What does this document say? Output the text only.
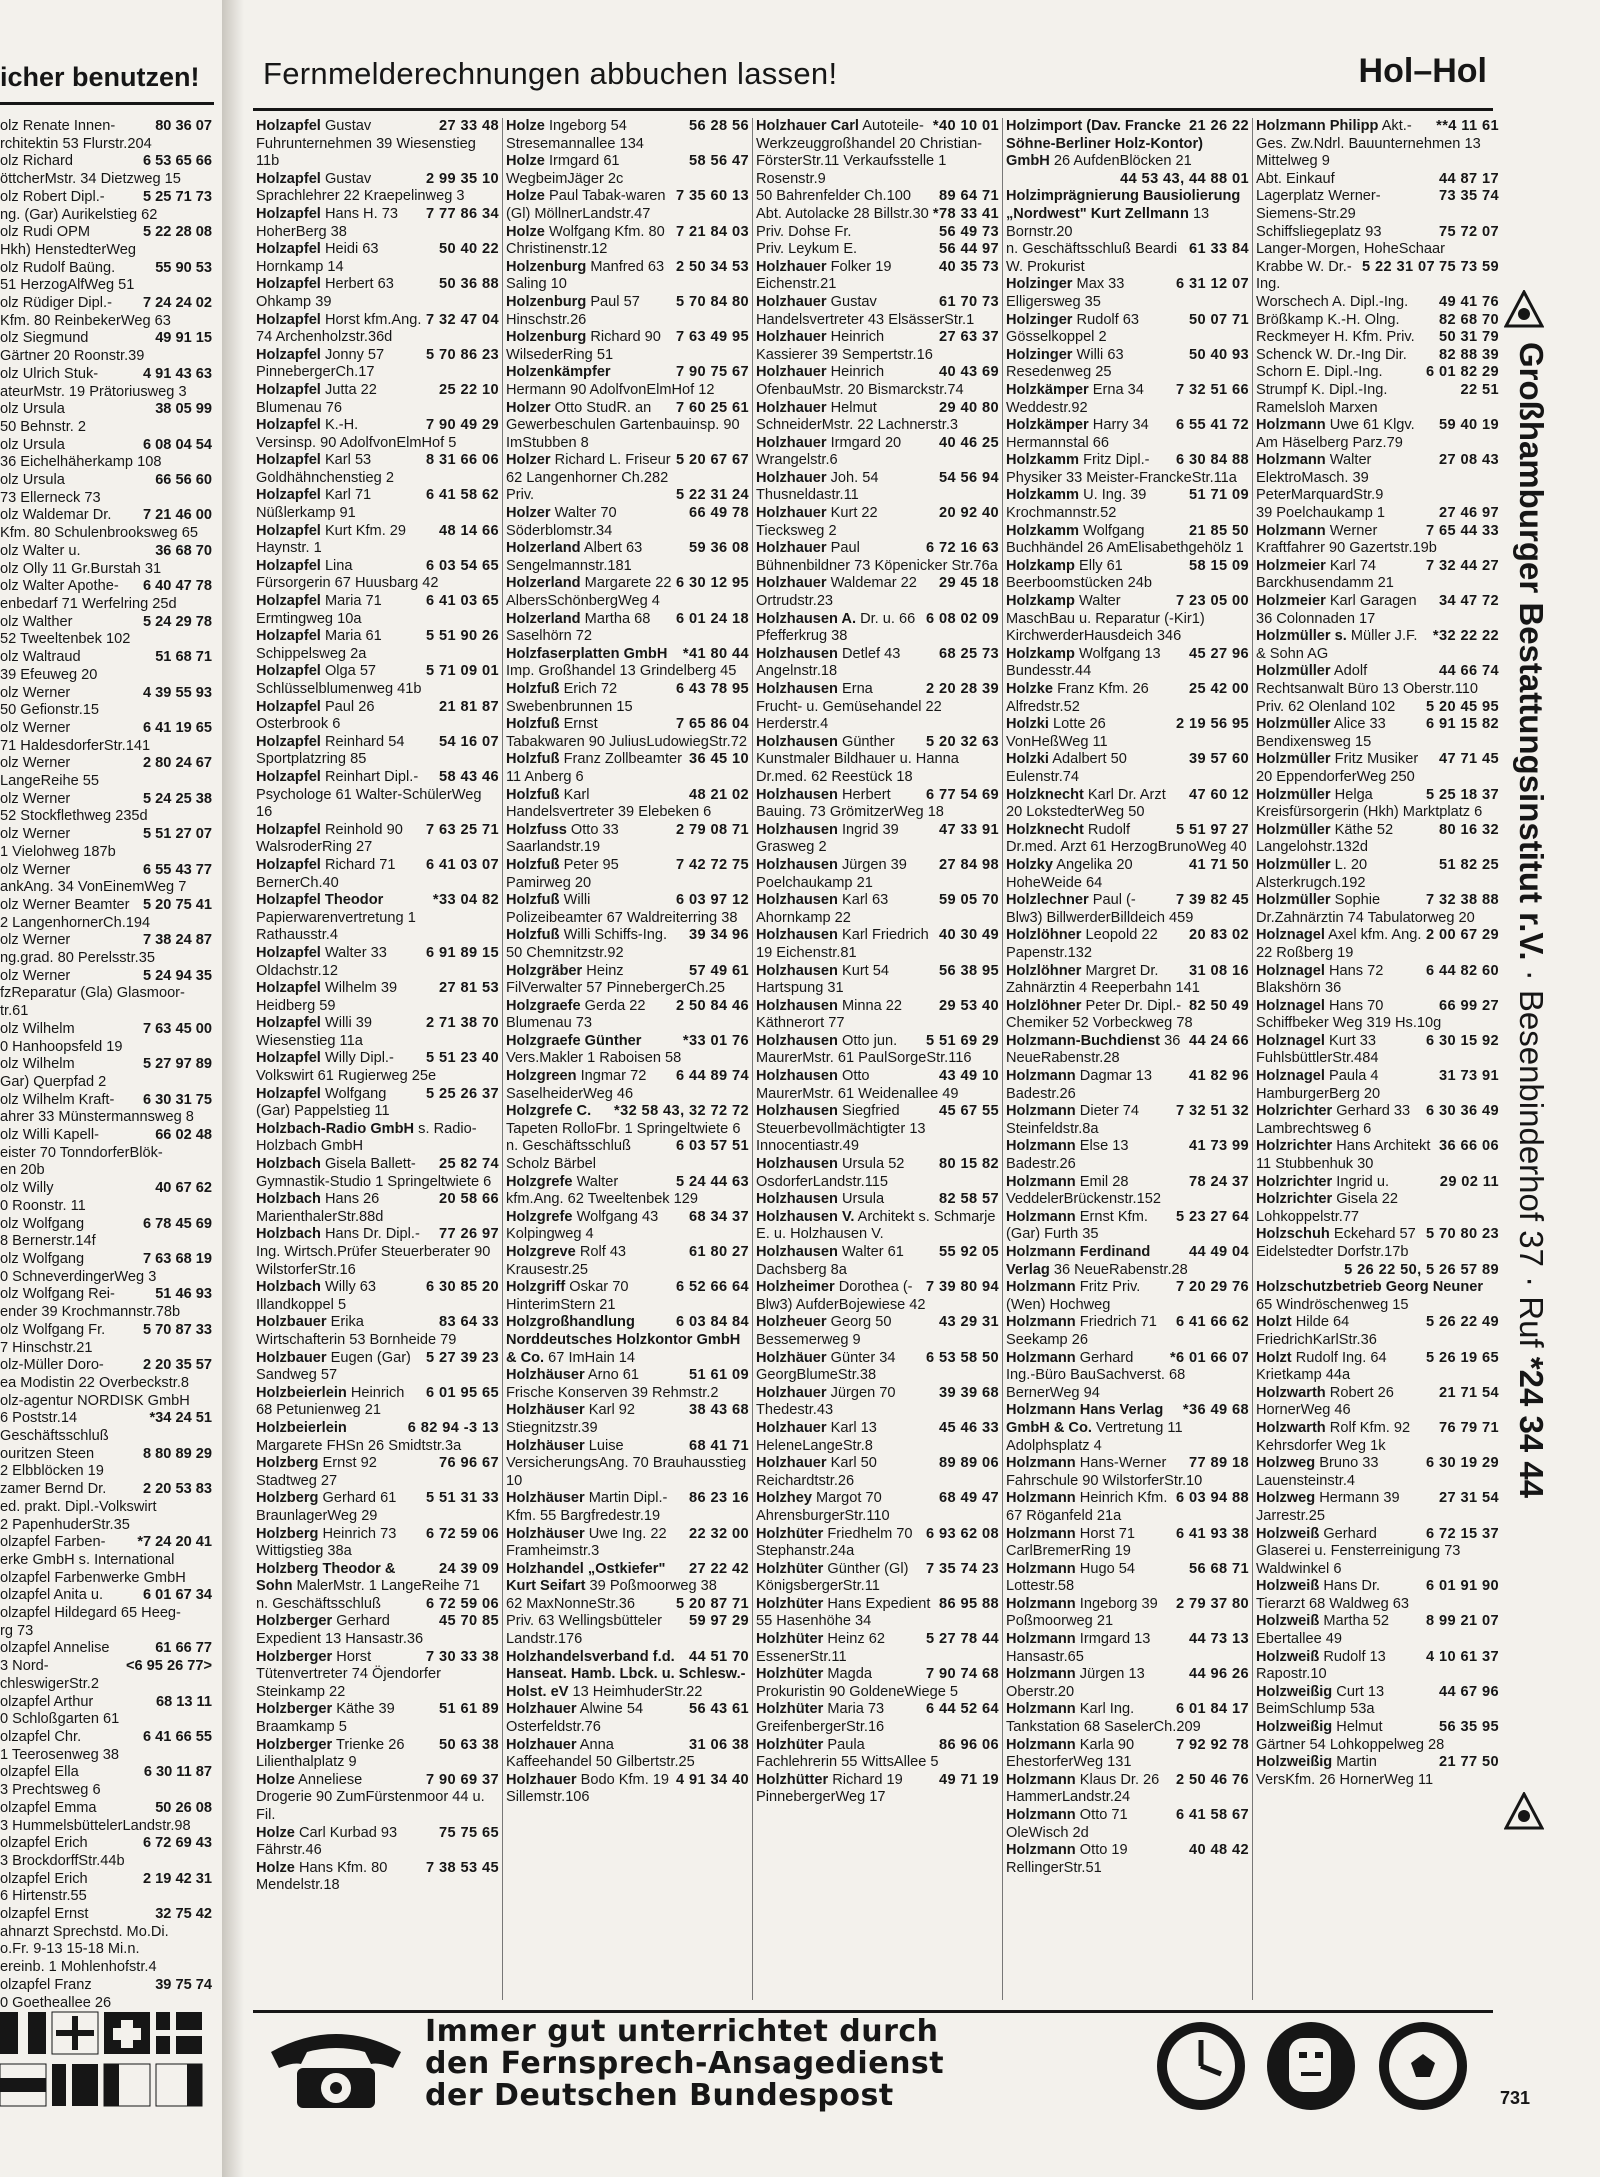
icher benutzen!
80 36 07
olz Renate Innen-
rchitektin 53 Flurstr.204
6 53 65 66
olz Richard
öttcherMstr. 34 Dietzweg 15
5 25 71 73
olz Robert Dipl.-
ng. (Gar) Aurikelstieg 62
5 22 28 08
olz Rudi OPM
Hkh) HenstedterWeg
55 90 53
olz Rudolf Baüng.
51 HerzogAlfWeg 51
7 24 24 02
olz Rüdiger Dipl.-
Kfm. 80 ReinbekerWeg 63
49 91 15
olz Siegmund
Gärtner 20 Roonstr.39
4 91 43 63
olz Ulrich Stuk-
ateurMstr. 19 Prätoriusweg 3
38 05 99
olz Ursula
50 Behnstr. 2
6 08 04 54
olz Ursula
36 Eichelhäherkamp 108
66 56 60
olz Ursula
73 Ellerneck 73
7 21 46 00
olz Waldemar Dr.
Kfm. 80 Schulenbrooksweg 65
36 68 70
olz Walter u.
olz Olly 11 Gr.Burstah 31
6 40 47 78
olz Walter Apothe-
enbedarf 71 Werfelring 25d
5 24 29 78
olz Walther
52 Tweeltenbek 102
51 68 71
olz Waltraud
39 Efeuweg 20
4 39 55 93
olz Werner
50 Gefionstr.15
6 41 19 65
olz Werner
71 HaldesdorferStr.141
2 80 24 67
olz Werner
LangeReihe 55
5 24 25 38
olz Werner
52 Stockflethweg 235d
5 51 27 07
olz Werner
1 Vielohweg 187b
6 55 43 77
olz Werner
ankAng. 34 VonEinemWeg 7
5 20 75 41
olz Werner Beamter
2 LangenhornerCh.194
7 38 24 87
olz Werner
ng.grad. 80 Perelsstr.35
5 24 94 35
olz Werner
fzReparatur (Gla) Glasmoor-
tr.61
7 63 45 00
olz Wilhelm
0 Hanhoopsfeld 19
5 27 97 89
olz Wilhelm
Gar) Querpfad 2
6 30 31 75
olz Wilhelm Kraft-
ahrer 33 Münstermannsweg 8
66 02 48
olz Willi Kapell-
eister 70 TonndorferBlök-
en 20b
40 67 62
olz Willy
0 Roonstr. 11
6 78 45 69
olz Wolfgang
8 Bernerstr.14f
7 63 68 19
olz Wolfgang
0 SchneverdingerWeg 3
51 46 93
olz Wolfgang Rei-
ender 39 Krochmannstr.78b
5 70 87 33
olz Wolfgang Fr.
7 Hinschstr.21
2 20 35 57
olz-Müller Doro-
ea Modistin 22 Overbeckstr.8
olz-agentur NORDISK GmbH
*34 24 51
6 Poststr.14
Geschäftsschluß
8 80 89 29
ouritzen Steen
2 Elbblöcken 19
2 20 53 83
zamer Bernd Dr.
ed. prakt. Dipl.-Volkswirt
2 PapenhuderStr.35
*7 24 20 41
olzapfel Farben-
erke GmbH s. International
olzapfel Farbenwerke GmbH
6 01 67 34
olzapfel Anita u.
olzapfel Hildegard 65 Heeg-
rg 73
61 66 77
olzapfel Annelise
<6 95 26 77>
3 Nord-
chleswigerStr.2
68 13 11
olzapfel Arthur
0 Schloßgarten 61
6 41 66 55
olzapfel Chr.
1 Teerosenweg 38
6 30 11 87
olzapfel Ella
3 Prechtsweg 6
50 26 08
olzapfel Emma
3 HummelsbüttelerLandstr.98
6 72 69 43
olzapfel Erich
3 BrockdorffStr.44b
2 19 42 31
olzapfel Erich
6 Hirtenstr.55
32 75 42
olzapfel Ernst
ahnarzt Sprechstd. Mo.Di.
o.Fr. 9-13 15-18 Mi.n.
ereinb. 1 Mohlenhofstr.4
39 75 74
olzapfel Franz
0 Goethealleе 26
Fernmelderechnungen abbuchen lassen!	Hol–Hol
27 33 48
Holzapfel Gustav Fuhrunternehmen 39 Wiesenstieg 11b
2 99 35 10
Holzapfel Gustav Sprachlehrer 22 Kraepelinweg 3
7 77 86 34
Holzapfel Hans H. 73 HoherBerg 38
50 40 22
Holzapfel Heidi 63 Hornkamp 14
50 36 88
Holzapfel Herbert 63 Ohkamp 39
7 32 47 04
Holzapfel Horst kfm.Ang. 74 Archenholzstr.36d
5 70 86 23
Holzapfel Jonny 57 PinnebergerCh.17
25 22 10
Holzapfel Jutta 22 Blumenau 76
7 90 49 29
Holzapfel K.-H. Versinsp. 90 AdolfvonElmHof 5
8 31 66 06
Holzapfel Karl 53 Goldhähnchenstieg 2
6 41 58 62
Holzapfel Karl 71 Nüßlerkamp 91
48 14 66
Holzapfel Kurt Kfm. 29 Haynstr. 1
6 03 54 65
Holzapfel Lina Fürsorgerin 67 Huusbarg 42
6 41 03 65
Holzapfel Maria 71 Ermtingweg 10a
5 51 90 26
Holzapfel Maria 61 Schippelsweg 2a
5 71 09 01
Holzapfel Olga 57 Schlüsselblumenweg 41b
21 81 87
Holzapfel Paul 26 Osterbrook 6
54 16 07
Holzapfel Reinhard 54 Sportplatzring 85
58 43 46
Holzapfel Reinhart Dipl.-Psychologe 61 Walter-SchülerWeg 16
7 63 25 71
Holzapfel Reinhold 90 WalsroderRing 27
6 41 03 07
Holzapfel Richard 71 BernerCh.40
*33 04 82
Holzapfel Theodor Papierwarenvertretung 1 Rathausstr.4
6 91 89 15
Holzapfel Walter 33 Oldachstr.12
27 81 53
Holzapfel Wilhelm 39 Heidberg 59
2 71 38 70
Holzapfel Willi 39 Wiesenstieg 11a
5 51 23 40
Holzapfel Willy Dipl.-Volkswirt 61 Rugierweg 25e
5 25 26 37
Holzapfel Wolfgang (Gar) Pappelstieg 11
Holzbach-Radio GmbH s. Radio-Holzbach GmbH
25 82 74
Holzbach Gisela Ballett-Gymnastik-Studio 1 Springeltwiete 6
20 58 66
Holzbach Hans 26 MarienthalerStr.88d
77 26 97
Holzbach Hans Dr. Dipl.-Ing. Wirtsch.Prüfer Steuerberater 90 WilstorferStr.16
6 30 85 20
Holzbach Willy 63 Illandkoppel 5
83 64 33
Holzbauer Erika Wirtschafterin 53 Bornheide 79
5 27 39 23
Holzbauer Eugen (Gar) Sandweg 57
6 01 95 65
Holzbeierlein Heinrich 68 Petunienweg 21
6 82 94 -3 13
Holzbeierlein Margarete FHSn 26 Smidtstr.3a
76 96 67
Holzberg Ernst 92 Stadtweg 27
5 51 31 33
Holzberg Gerhard 61 BraunlagerWeg 29
6 72 59 06
Holzberg Heinrich 73 Wittigstieg 38a
24 39 09
Holzberg Theodor & Sohn MalerMstr. 1 LangeReihe 71
6 72 59 06
n. Geschäftsschluß
45 70 85
Holzberger Gerhard Expedient 13 Hansastr.36
7 30 33 38
Holzberger Horst Tütenvertreter 74 Öjendorfer Steinkamp 22
51 61 89
Holzberger Käthe 39 Braamkamp 5
50 63 38
Holzberger Trienke 26 Lilienthalplatz 9
7 90 69 37
Holze Anneliese Drogerie 90 ZumFürstenmoor 44 u. Fil.
75 75 65
Holze Carl Kurbad 93 Fährstr.46
7 38 53 45
Holze Hans Kfm. 80 Mendelstr.18
56 28 56
Holze Ingeborg 54 Stresemannallee 134
58 56 47
Holze Irmgard 61 WegbeimJäger 2c
7 35 60 13
Holze Paul Tabak-waren (Gl) MöllnerLandstr.47
7 21 84 03
Holze Wolfgang Kfm. 80 Christinenstr.12
2 50 34 53
Holzenburg Manfred 63 Saling 10
5 70 84 80
Holzenburg Paul 57 Hinschstr.26
7 63 49 95
Holzenburg Richard 90 WilsederRing 51
7 90 75 67
Holzenkämpfer Hermann 90 AdolfvonElmHof 12
7 60 25 61
Holzer Otto StudR. an Gewerbeschulen Gartenbauinsp. 90 ImStubben 8
5 20 67 67
Holzer Richard L. Friseur 62 Langenhorner Ch.282
5 22 31 24
Priv.
66 49 78
Holzer Walter 70 Söderblomstr.34
59 36 08
Holzerland Albert 63 Sengelmannstr.181
6 30 12 95
Holzerland Margarete 22 AlbersSchönbergWeg 4
6 01 24 18
Holzerland Martha 68 Saselhörn 72
*41 80 44
Holzfaserplatten GmbH Imp. Großhandel 13 Grindelberg 45
6 43 78 95
Holzfuß Erich 72 Swebenbrunnen 15
7 65 86 04
Holzfuß Ernst Tabakwaren 90 JuliusLudowiegStr.72
36 45 10
Holzfuß Franz Zollbeamter 11 Anberg 6
48 21 02
Holzfuß Karl Handelsvertreter 39 Elebeken 6
2 79 08 71
Holzfuss Otto 33 Saarlandstr.19
7 42 72 75
Holzfuß Peter 95 Pamirweg 20
6 03 97 12
Holzfuß Willi Polizeibeamter 67 Waldreiterring 38
39 34 96
Holzfuß Willi Schiffs-Ing. 50 Chemnitzstr.92
57 49 61
Holzgräber Heinz FilVerwalter 57 PinnebergerCh.25
2 50 84 46
Holzgraefe Gerda 22 Blumenau 73
*33 01 76
Holzgraefe Günther Vers.Makler 1 Raboisen 58
6 44 89 74
Holzgreen Ingmar 72 SaselheiderWeg 46
*32 58 43, 32 72 72
Holzgrefe C. Tapeten RolloFbr. 1 Springeltwiete 6
6 03 57 51
n. Geschäftsschluß Scholz Bärbel
5 24 44 63
Holzgrefe Walter kfm.Ang. 62 Tweeltenbek 129
68 34 37
Holzgrefe Wolfgang 43 Kolpingweg 4
61 80 27
Holzgreve Rolf 43 Krausestr.25
6 52 66 64
Holzgriff Oskar 70 HinterimStern 21
6 03 84 84
Holzgroßhandlung Norddeutsches Holzkontor GmbH & Co. 67 ImHain 14
51 61 09
Holzhäuser Arno 61 Frische Konserven 39 Rehmstr.2
38 43 68
Holzhäuser Karl 92 Stiegnitzstr.39
68 41 71
Holzhäuser Luise VersicherungsAng. 70 Brauhausstieg 10
86 23 16
Holzhäuser Martin Dipl.-Kfm. 55 Bargfredestr.19
22 32 00
Holzhäuser Uwe Ing. 22 Framheimstr.3
27 22 42
Holzhandel „Ostkiefer" Kurt Seifart 39 Poßmoorweg 38
5 20 87 71
62 MaxNonneStr.36
59 97 29
Priv. 63 Wellingsbütteler Landstr.176
44 51 70
Holzhandelsverband f.d. Hanseat. Hamb. Lbck. u. Schlesw.-Holst. eV 13 HeimhuderStr.22
56 43 61
Holzhauer Alwine 54 Osterfeldstr.76
31 06 38
Holzhauer Anna Kaffeehandel 50 Gilbertstr.25
4 91 34 40
Holzhauer Bodo Kfm. 19 Sillemstr.106
*40 10 01
Holzhauer Carl Autoteile-Werkzeuggroßhandel 20 Christian-FörsterStr.11 Verkaufsstelle 1 Rosenstr.9
89 64 71
50 Bahrenfelder Ch.100
*78 33 41
Abt. Autolacke 28 Billstr.30
56 49 73
Priv. Dohse Fr.
56 44 97
Priv. Leykum E.
40 35 73
Holzhauer Folker 19 Eichenstr.21
61 70 73
Holzhauer Gustav Handelsvertreter 43 ElsässerStr.1
27 63 37
Holzhauer Heinrich Kassierer 39 Sempertstr.16
40 43 69
Holzhauer Heinrich OfenbauMstr. 20 Bismarckstr.74
29 40 80
Holzhauer Helmut SchneiderMstr. 22 Lachnerstr.3
40 46 25
Holzhauer Irmgard 20 Wrangelstr.6
54 56 94
Holzhauer Joh. 54 Thusneldastr.11
20 92 40
Holzhauer Kurt 22 Tiecksweg 2
6 72 16 63
Holzhauer Paul Bühnenbildner 73 Köpenicker Str.76a
29 45 18
Holzhauer Waldemar 22 Ortrudstr.23
6 08 02 09
Holzhausen A. Dr. u. 66 Pfefferkrug 38
68 25 73
Holzhausen Detlef 43 Angelnstr.18
2 20 28 39
Holzhausen Erna Frucht- u. Gemüsehandel 22 Herderstr.4
5 20 32 63
Holzhausen Günther Kunstmaler Bildhauer u. Hanna Dr.med. 62 Reestück 18
6 77 54 69
Holzhausen Herbert Bauing. 73 GrömitzerWeg 18
47 33 91
Holzhausen Ingrid 39 Grasweg 2
27 84 98
Holzhausen Jürgen 39 Poelchaukamp 21
59 05 70
Holzhausen Karl 63 Ahornkamp 22
40 30 49
Holzhausen Karl Friedrich 19 Eichenstr.81
56 38 95
Holzhausen Kurt 54 Hartspung 31
29 53 40
Holzhausen Minna 22 Käthnerort 77
5 51 69 29
Holzhausen Otto jun. MaurerMstr. 61 PaulSorgeStr.116
43 49 10
Holzhausen Otto MaurerMstr. 61 Weidenallee 49
45 67 55
Holzhausen Siegfried Steuerbevollmächtigter 13 Innocentiastr.49
80 15 82
Holzhausen Ursula 52 OsdorferLandstr.115
82 58 57
Holzhausen Ursula
Holzhausen V. Architekt s. Schmarje E. u. Holzhausen V.
55 92 05
Holzhausen Walter 61 Dachsberg 8a
7 39 80 94
Holzheimer Dorothea (-Blw3) AufderBojewiese 42
43 29 31
Holzheuer Georg 50 Bessemerweg 9
6 53 58 50
Holzhäuer Günter 34 GeorgBlumeStr.38
39 39 68
Holzhauer Jürgen 70 Thedestr.43
45 46 33
Holzhauer Karl 13 HeleneLangeStr.8
89 89 06
Holzhauer Karl 50 Reichardtstr.26
68 49 47
Holzhey Margot 70 AhrensburgerStr.110
6 93 62 08
Holzhüter Friedhelm 70 Stephanstr.24a
7 35 74 23
Holzhüter Günther (Gl) KönigsbergerStr.11
86 95 88
Holzhüter Hans Expedient 55 Hasenhöhe 34
5 27 78 44
Holzhüter Heinz 62 EssenerStr.11
7 90 74 68
Holzhüter Magda Prokuristin 90 GoldeneWiege 5
6 44 52 64
Holzhüter Maria 73 GreifenbergerStr.16
86 96 06
Holzhüter Paula Fachlehrerin 55 WittsAllee 5
49 71 19
Holzhütter Richard 19 PinnebergerWeg 17
21 26 22
Holzimport (Dav. Francke Söhne-Berliner Holz-Kontor) GmbH 26 AufdenBlöcken 21
44 53 43, 44 88 01
Holzimprägnierung Bausiolierung „Nordwest" Kurt Zellmann 13 Bornstr.20
61 33 84
n. Geschäftsschluß Beardi W. Prokurist
6 31 12 07
Holzinger Max 33 Elligersweg 35
50 07 71
Holzinger Rudolf 63 Gösselkoppel 2
50 40 93
Holzinger Willi 63 Resedenweg 25
7 32 51 66
Holzkämper Erna 34 Weddestr.92
6 55 41 72
Holzkämper Harry 34 Hermannstal 66
6 30 84 88
Holzkamm Fritz Dipl.-Physiker 33 Meister-FranckeStr.11a
51 71 09
Holzkamm U. Ing. 39 Krochmannstr.52
21 85 50
Holzkamm Wolfgang Buchhändel 26 AmElisabethgehölz 1
58 15 09
Holzkamp Elly 61 Beerboomstücken 24b
7 23 05 00
Holzkamp Walter MaschBau u. Reparatur (-Kir1) KirchwerderHausdeich 346
45 27 96
Holzkamp Wolfgang 13 Bundesstr.44
25 42 00
Holzke Franz Kfm. 26 Alfredstr.52
2 19 56 95
Holzki Lotte 26 VonHeßWeg 11
39 57 60
Holzki Adalbert 50 Eulenstr.74
47 60 12
Holzknecht Karl Dr. Arzt 20 LokstedterWeg 50
5 51 97 27
Holzknecht Rudolf Dr.med. Arzt 61 HerzogBrunoWeg 40
41 71 50
Holzky Angelika 20 HoheWeide 64
7 39 82 45
Holzlechner Paul (-Blw3) BillwerderBilldeich 459
20 83 02
Holzlöhner Leopold 22 Papenstr.132
31 08 16
Holzlöhner Margret Dr. Zahnärztin 4 Reeperbahn 141
82 50 49
Holzlöhner Peter Dr. Dipl.-Chemiker 52 Vorbeckweg 78
44 24 66
Holzmann-Buchdienst 36 NeueRabenstr.28
41 82 96
Holzmann Dagmar 13 Badestr.26
7 32 51 32
Holzmann Dieter 74 Steinfeldstr.8a
41 73 99
Holzmann Else 13 Badestr.26
78 24 37
Holzmann Emil 28 VeddelerBrückenstr.152
5 23 27 64
Holzmann Ernst Kfm. (Gar) Furth 35
44 49 04
Holzmann Ferdinand Verlag 36 NeueRabenstr.28
7 20 29 76
Holzmann Fritz Priv. (Wen) Hochweg
6 41 66 62
Holzmann Friedrich 71 Seekamp 26
*6 01 66 07
Holzmann Gerhard Ing.-Büro BauSachverst. 68 BernerWeg 94
*36 49 68
Holzmann Hans Verlag GmbH & Co. Vertretung 11 Adolphsplatz 4
77 89 18
Holzmann Hans-Werner Fahrschule 90 WilstorferStr.10
6 03 94 88
Holzmann Heinrich Kfm. 67 Röganfeld 21a
6 41 93 38
Holzmann Horst 71 CarlBremerRing 19
56 68 71
Holzmann Hugo 54 Lottestr.58
2 79 37 80
Holzmann Ingeborg 39 Poßmoorweg 21
44 73 13
Holzmann Irmgard 13 Hansastr.65
44 96 26
Holzmann Jürgen 13 Oberstr.20
6 01 84 17
Holzmann Karl Ing. Tankstation 68 SaselerCh.209
7 92 92 78
Holzmann Karla 90 EhestorferWeg 131
2 50 46 76
Holzmann Klaus Dr. 26 HammerLandstr.24
6 41 58 67
Holzmann Otto 71 OleWisch 2d
40 48 42
Holzmann Otto 19 RellingerStr.51
**4 11 61
Holzmann Philipp Akt.-Ges. Zw.Ndrl. Bauunternehmen 13 Mittelweg 9
44 87 17
Abt. Einkauf
73 35 74
Lagerplatz Werner-Siemens-Str.29
75 72 07
Schiffsliegeplatz 93 Langer-Morgen, HoheSchaar
75 73 59
5 22 31 07
Krabbe W. Dr.-Ing.
49 41 76
Worschech A. Dipl.-Ing.
82 68 70
Brößkamp K.-H. Olng.
50 31 79
Reckmeyer H. Kfm. Priv.
82 88 39
Schenck W. Dr.-Ing Dir.
6 01 82 29
Schorn E. Dipl.-Ing.
22 51
Strumpf K. Dipl.-Ing. Ramelsloh Marxen
59 40 19
Holzmann Uwe 61 Klgv. Am Häselberg Parz.79
27 08 43
Holzmann Walter ElektroMasch. 39 PeterMarquardStr.9
27 46 97
39 Poelchaukamp 1
7 65 44 33
Holzmann Werner Kraftfahrer 90 Gazertstr.19b
7 32 44 27
Holzmeier Karl 74 Barckhusendamm 21
34 47 72
Holzmeier Karl Garagen 36 Colonnaden 17
*32 22 22
Holzmüller s. Müller J.F. & Sohn AG
44 66 74
Holzmüller Adolf Rechtsanwalt Büro 13 Oberstr.110
5 20 45 95
Priv. 62 Olenland 102
6 91 15 82
Holzmüller Alice 33 Bendixensweg 15
47 71 45
Holzmüller Fritz Musiker 20 EppendorferWeg 250
5 25 18 37
Holzmüller Helga Kreisfürsorgerin (Hkh) Marktplatz 6
80 16 32
Holzmüller Käthe 52 Langelohstr.132d
51 82 25
Holzmüller L. 20 Alsterkrugch.192
7 32 38 88
Holzmüller Sophie Dr.Zahnärztin 74 Tabulatorweg 20
2 00 67 29
Holznagel Axel kfm. Ang. 22 Roßberg 19
6 44 82 60
Holznagel Hans 72 Blakshörn 36
66 99 27
Holznagel Hans 70 Schiffbeker Weg 319 Hs.10g
6 30 15 92
Holznagel Kurt 33 FuhlsbüttlerStr.484
31 73 91
Holznagel Paula 4 HamburgerBerg 20
6 30 36 49
Holzrichter Gerhard 33 Lambrechtsweg 6
36 66 06
Holzrichter Hans Architekt 11 Stubbenhuk 30
29 02 11
Holzrichter Ingrid u.
Holzrichter Gisela 22 Lohkoppelstr.77
5 70 80 23
Holzschuh Eckehard 57 Eidelstedter Dorfstr.17b
5 26 22 50, 5 26 57 89
Holzschutzbetrieb Georg Neuner 65 Windröschenweg 15
5 26 22 49
Holzt Hilde 64 FriedrichKarlStr.36
5 26 19 65
Holzt Rudolf Ing. 64 Krietkamp 44a
21 71 54
Holzwarth Robert 26 HornerWeg 46
76 79 71
Holzwarth Rolf Kfm. 92 Kehrsdorfer Weg 1k
6 30 19 29
Holzweg Bruno 33 Lauensteinstr.4
27 31 54
Holzweg Hermann 39 Jarrestr.25
6 72 15 37
Holzweiß Gerhard Glaserei u. Fensterreinigung 73 Waldwinkel 6
6 01 91 90
Holzweiß Hans Dr. Tierarzt 68 Waldweg 63
8 99 21 07
Holzweiß Martha 52 Ebertallee 49
4 10 61 37
Holzweiß Rudolf 13 Rapostr.10
44 67 96
Holzweißig Curt 13 BeimSchlump 53a
56 35 95
Holzweißig Helmut Gärtner 54 Lohkoppelweg 28
21 77 50
Holzweißig Martin VersKfm. 26 HornerWeg 11
Großhamburger Bestattungsinstitut r.V. · Besenbinderhof 37 · Ruf *24 34 44
Immer gut unterrichtet durch
den Fernsprech-Ansagedienst
der Deutschen Bundespost	731
